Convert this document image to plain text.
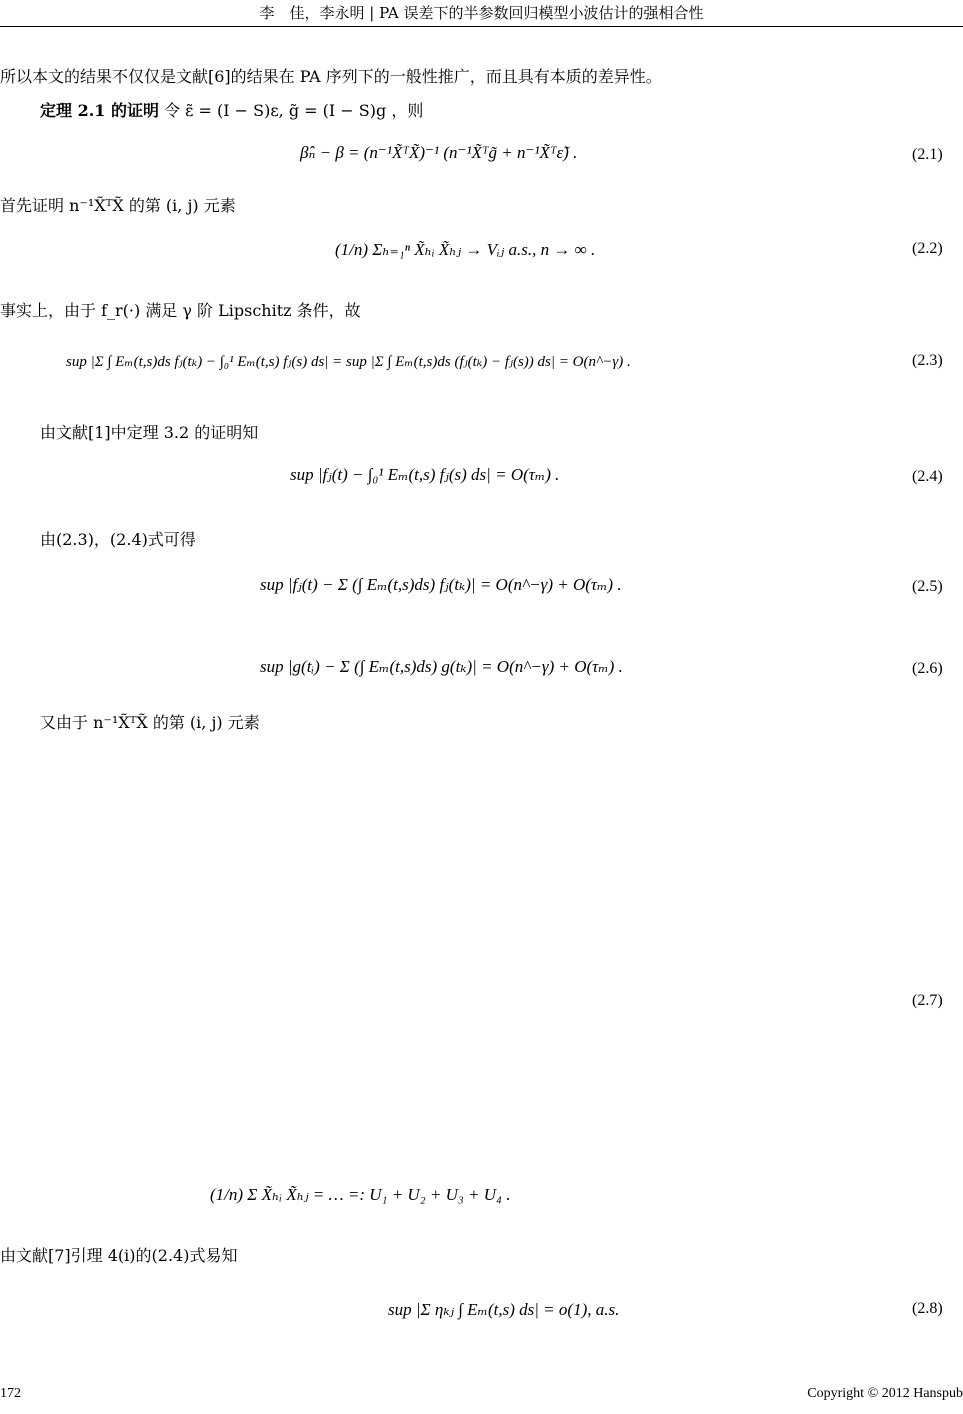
李　佳，李永明 | PA 误差下的半参数回归模型小波估计的强相合性
所以本文的结果不仅仅是文献[6]的结果在 PA 序列下的一般性推广，而且具有本质的差异性。
定理 2.1 的证明 令 ε̃ = (I − S)ε, g̃ = (I − S)g ，则
β̂ₙ − β = (n⁻¹X̃ᵀX̃)⁻¹ (n⁻¹X̃ᵀg̃ + n⁻¹X̃ᵀε̃) .	(2.1)
首先证明 n⁻¹X̃ᵀX̃ 的第 (i, j) 元素
(1/n) Σₕ₌₁ⁿ X̃ₕᵢ X̃ₕⱼ → Vᵢⱼ a.s., n → ∞ .	(2.2)
事实上，由于 f_r(·) 满足 γ 阶 Lipschitz 条件，故
sup |Σ ∫ Eₘ(t,s)ds fⱼ(tₖ) − ∫₀¹ Eₘ(t,s) fⱼ(s) ds| = sup |Σ ∫ Eₘ(t,s)ds (fⱼ(tₖ) − fⱼ(s)) ds| = O(n^−γ) .	(2.3)
由文献[1]中定理 3.2 的证明知
sup |fⱼ(t) − ∫₀¹ Eₘ(t,s) fⱼ(s) ds| = O(τₘ) .	(2.4)
由(2.3)，(2.4)式可得
sup |fⱼ(t) − Σ (∫ Eₘ(t,s)ds) fⱼ(tₖ)| = O(n^−γ) + O(τₘ) .	(2.5)
sup |g(tᵢ) − Σ (∫ Eₘ(t,s)ds) g(tₖ)| = O(n^−γ) + O(τₘ) .	(2.6)
又由于 n⁻¹X̃ᵀX̃ 的第 (i, j) 元素
(1/n) Σ X̃ₕᵢ X̃ₕⱼ = … =: U₁ + U₂ + U₃ + U₄ .
(2.7)
由文献[7]引理 4(i)的(2.4)式易知
sup |Σ ηₖⱼ ∫ Eₘ(t,s) ds| = o(1), a.s.	(2.8)
172	Copyright © 2012 Hanspub
